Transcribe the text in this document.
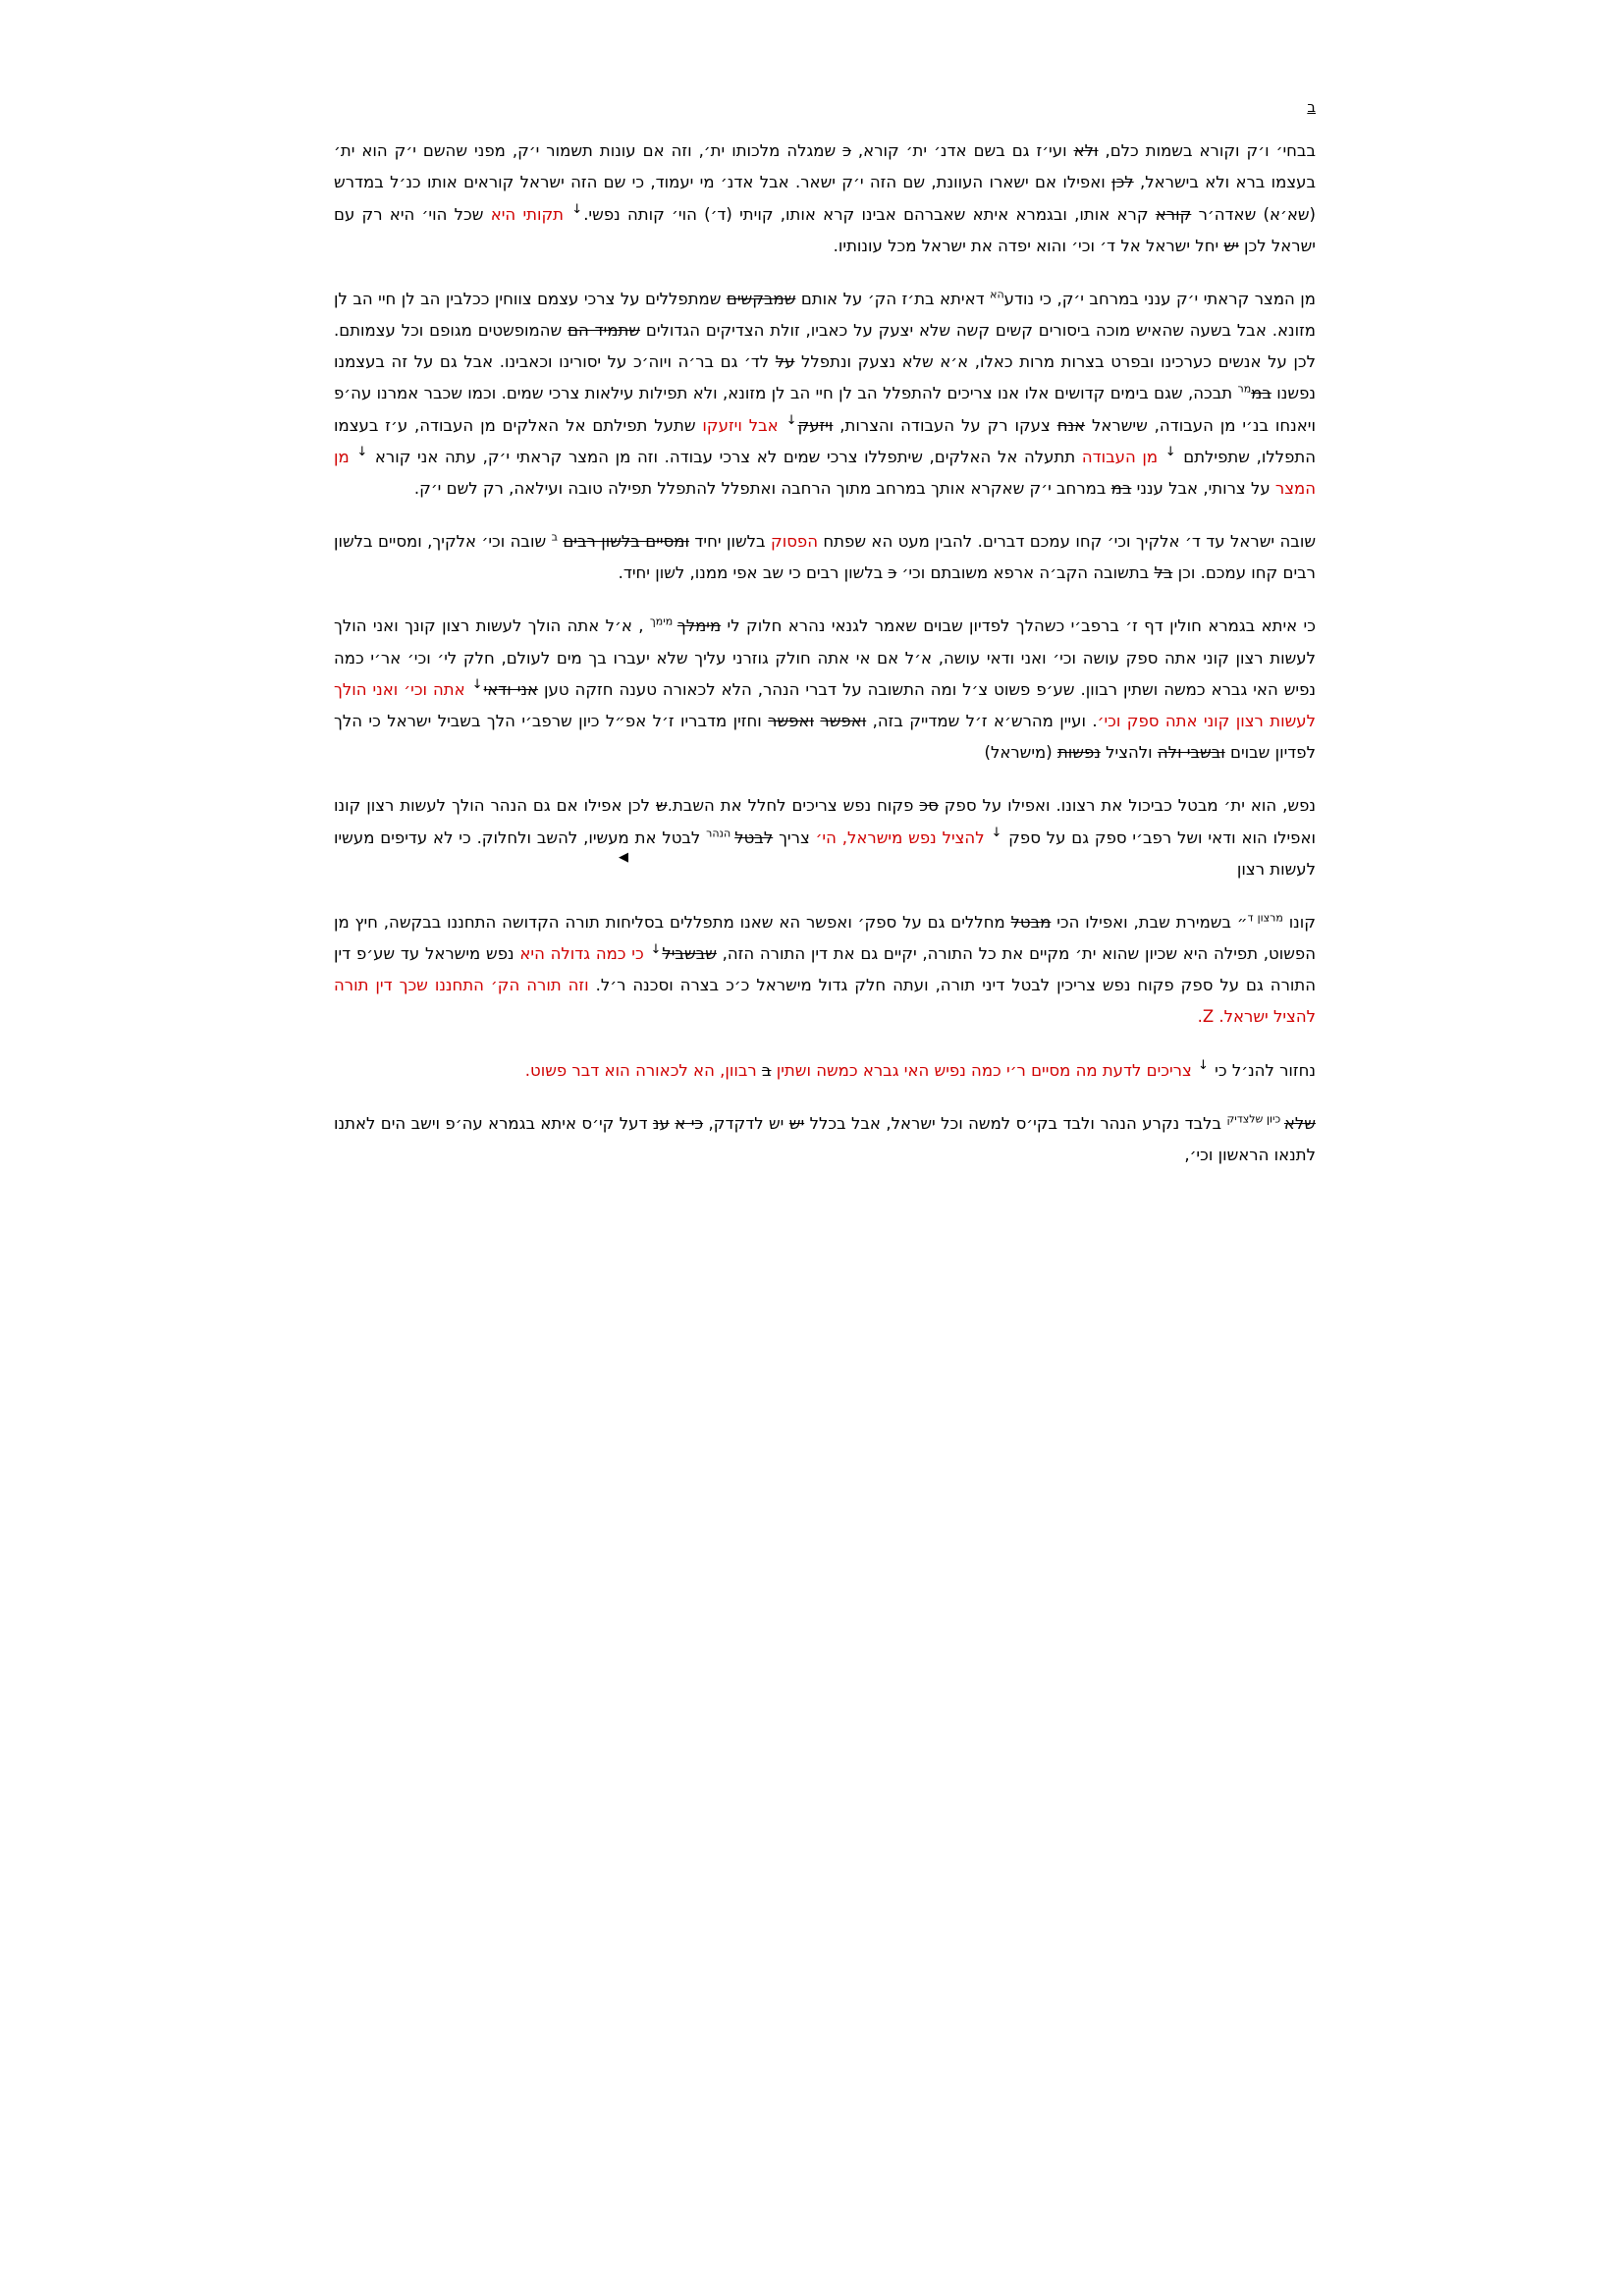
◀
ב
בבחי׳ ו׳ק וקורא בשמות כלם, ולא ועי׳ז גם בשם אדנ׳ ית׳ קורא, כ שמגלה מלכותו ית׳, וזה אם עונות תשמור י׳ק, מפני שהשם י׳ק הוא ית׳ בעצמו ברא ולא בישראל, לכן ואפילו אם ישארו העוונת, שם הזה י׳ק ישאר. אבל אדנ׳ מי יעמוד, כי שם הזה ישראל קוראים אותו כנ׳ל במדרש (שא׳א) שאדה׳ר קורא קרא אותו, ובגמרא איתא שאברהם אבינו קרא אותו, קויתי (ד׳) הוי׳ קותה נפשי.↓ תקותי היא שכל הוי׳ היא רק עם ישראל לכן יש יחל ישראל אל ד׳ וכי׳ והוא יפדה את ישראל מכל עונותיו.
מן המצר קראתי י׳ק ענני במרחב י׳ק, כי נודע$^{הא}$ דאיתא בת׳ז הק׳ על אותם שמבקשים שמתפללים על צרכי עצמם צווחין ככלבין הב לן חיי הב לן מזונא. אבל בשעה שהאיש מוכה ביסורים קשים קשה שלא יצעק על כאביו, זולת הצדיקים הגדולים שתמיד הם שהמופשטים מגופם וכל עצמותם. לכן על אנשים כערכינו ובפרט בצרות מרות כאלו, א׳א שלא נצעק ונתפלל על לד׳ גם בר׳ה ויוה׳כ על יסורינו וכאבינו. אבל גם על זה בעצמנו נפשנו במ$^{מר}$ תבכה, שגם בימים קדושים אלו אנו צריכים להתפלל הב לן חיי הב לן מזונא, ולא תפילות עילאות צרכי שמים. וכמו שכבר אמרנו עה׳פ ויאנחו בנ׳י מן העבודה, שישראל אנח צעקו רק על העבודה והצרות, ויזעק↓ אבל ויזעקו שתעל תפילתם אל האלקים מן העבודה, ע׳ז בעצמו התפללו, שתפילתם ↓ מן העבודה תתעלה אל האלקים, שיתפללו צרכי שמים לא צרכי עבודה. וזה מן המצר קראתי י׳ק, עתה אני קורא ↓ מן המצר על צרותי, אבל ענני במ במרחב י׳ק שאקרא אותך במרחב מתוך הרחבה ואתפלל להתפלל תפילה טובה ועילאה, רק לשם י׳ק.
שובה ישראל עד ד׳ אלקיך וכי׳ קחו עמכם דברים. להבין מעט הא שפתח הפסוק בלשון יחיד ומסיים בלשון רבים $^ב$ שובה וכי׳ אלקיך, ומסיים בלשון רבים קחו עמכם. וכן בל בתשובה הקב׳ה ארפא משובתם וכי׳ כ בלשון רבים כי שב אפי ממנו, לשון יחיד.
כי איתא בגמרא חולין דף ז׳ ברפב׳י כשהלך לפדיון שבוים שאמר לגנאי נהרא חלוק לי מימלך $^{מימך}$ , א׳ל אתה הולך לעשות רצון קונך ואני הולך לעשות רצון קוני אתה ספק עושה וכי׳ ואני ודאי עושה, א׳ל אם אי אתה חולק גוזרני עליך שלא יעברו בך מים לעולם, חלק לי׳ וכי׳ אר׳י כמה נפיש האי גברא כמשה ושתין רבוון. שע׳פ פשוט צ׳ל ומה התשובה על דברי הנהר, הלא לכאורה טענה חזקה טען אני ודאי↓ אתה וכי׳ ואני הולך לעשות רצון קוני אתה ספק וכי׳. ועיין מהרש׳א ז׳ל שמדייק בזה, ואפשר ואפשר וחזין מדבריו ז׳ל אפ״ל כיון שרפב׳י הלך בשביל ישראל כי הלך לפדיון שבוים ובשבי ולה ולהציל נפשות (מישראל)
נפש, הוא ית׳ מבטל כביכול את רצונו. ואפילו על ספק סכ פקוח נפש צריכים לחלל את השבת.ש לכן אפילו אם גם הנהר הולך לעשות רצון קונו ואפילו הוא ודאי ושל רפב׳י ספק גם על ספק ↓ להציל נפש מישראל, הי׳ צריך לבטל $^{הנהר}$ לבטל את מעשיו, להשב ולחלוק. כי לא עדיפים מעשיו לעשות רצון
קונו $^{מרצון ד}$״ בשמירת שבת, ואפילו הכי מבטל מחללים גם על ספק׳ ואפשר הא שאנו מתפללים בסליחות תורה הקדושה התחננו בבקשה, חיץ מן הפשוט, תפילה היא שכיון שהוא ית׳ מקיים את כל התורה, יקיים גם את דין התורה הזה, שבשביל↓ כי כמה גדולה היא נפש מישראל עד שע׳פ דין התורה גם על ספק פקוח נפש צריכין לבטל דיני תורה, ועתה חלק גדול מישראל כ׳כ בצרה וסכנה ר׳ל. וזה תורה הק׳ התחננו שכך דין תורה להציל ישראל. Z.
נחזור להנ׳ל כי ↓ צריכים לדעת מה מסיים ר׳י כמה נפיש האי גברא כמשה ושתין ב רבוון, הא לכאורה הוא דבר פשוט.
שלא $^{כיון שלצדיק}$ בלבד נקרע הנהר ולבד בקי׳ס למשה וכל ישראל, אבל בכלל יש יש לדקדק, כי א ענ דעל קי׳ס איתא בגמרא עה׳פ וישב הים לאתנו לתנאו הראשון וכי׳,
